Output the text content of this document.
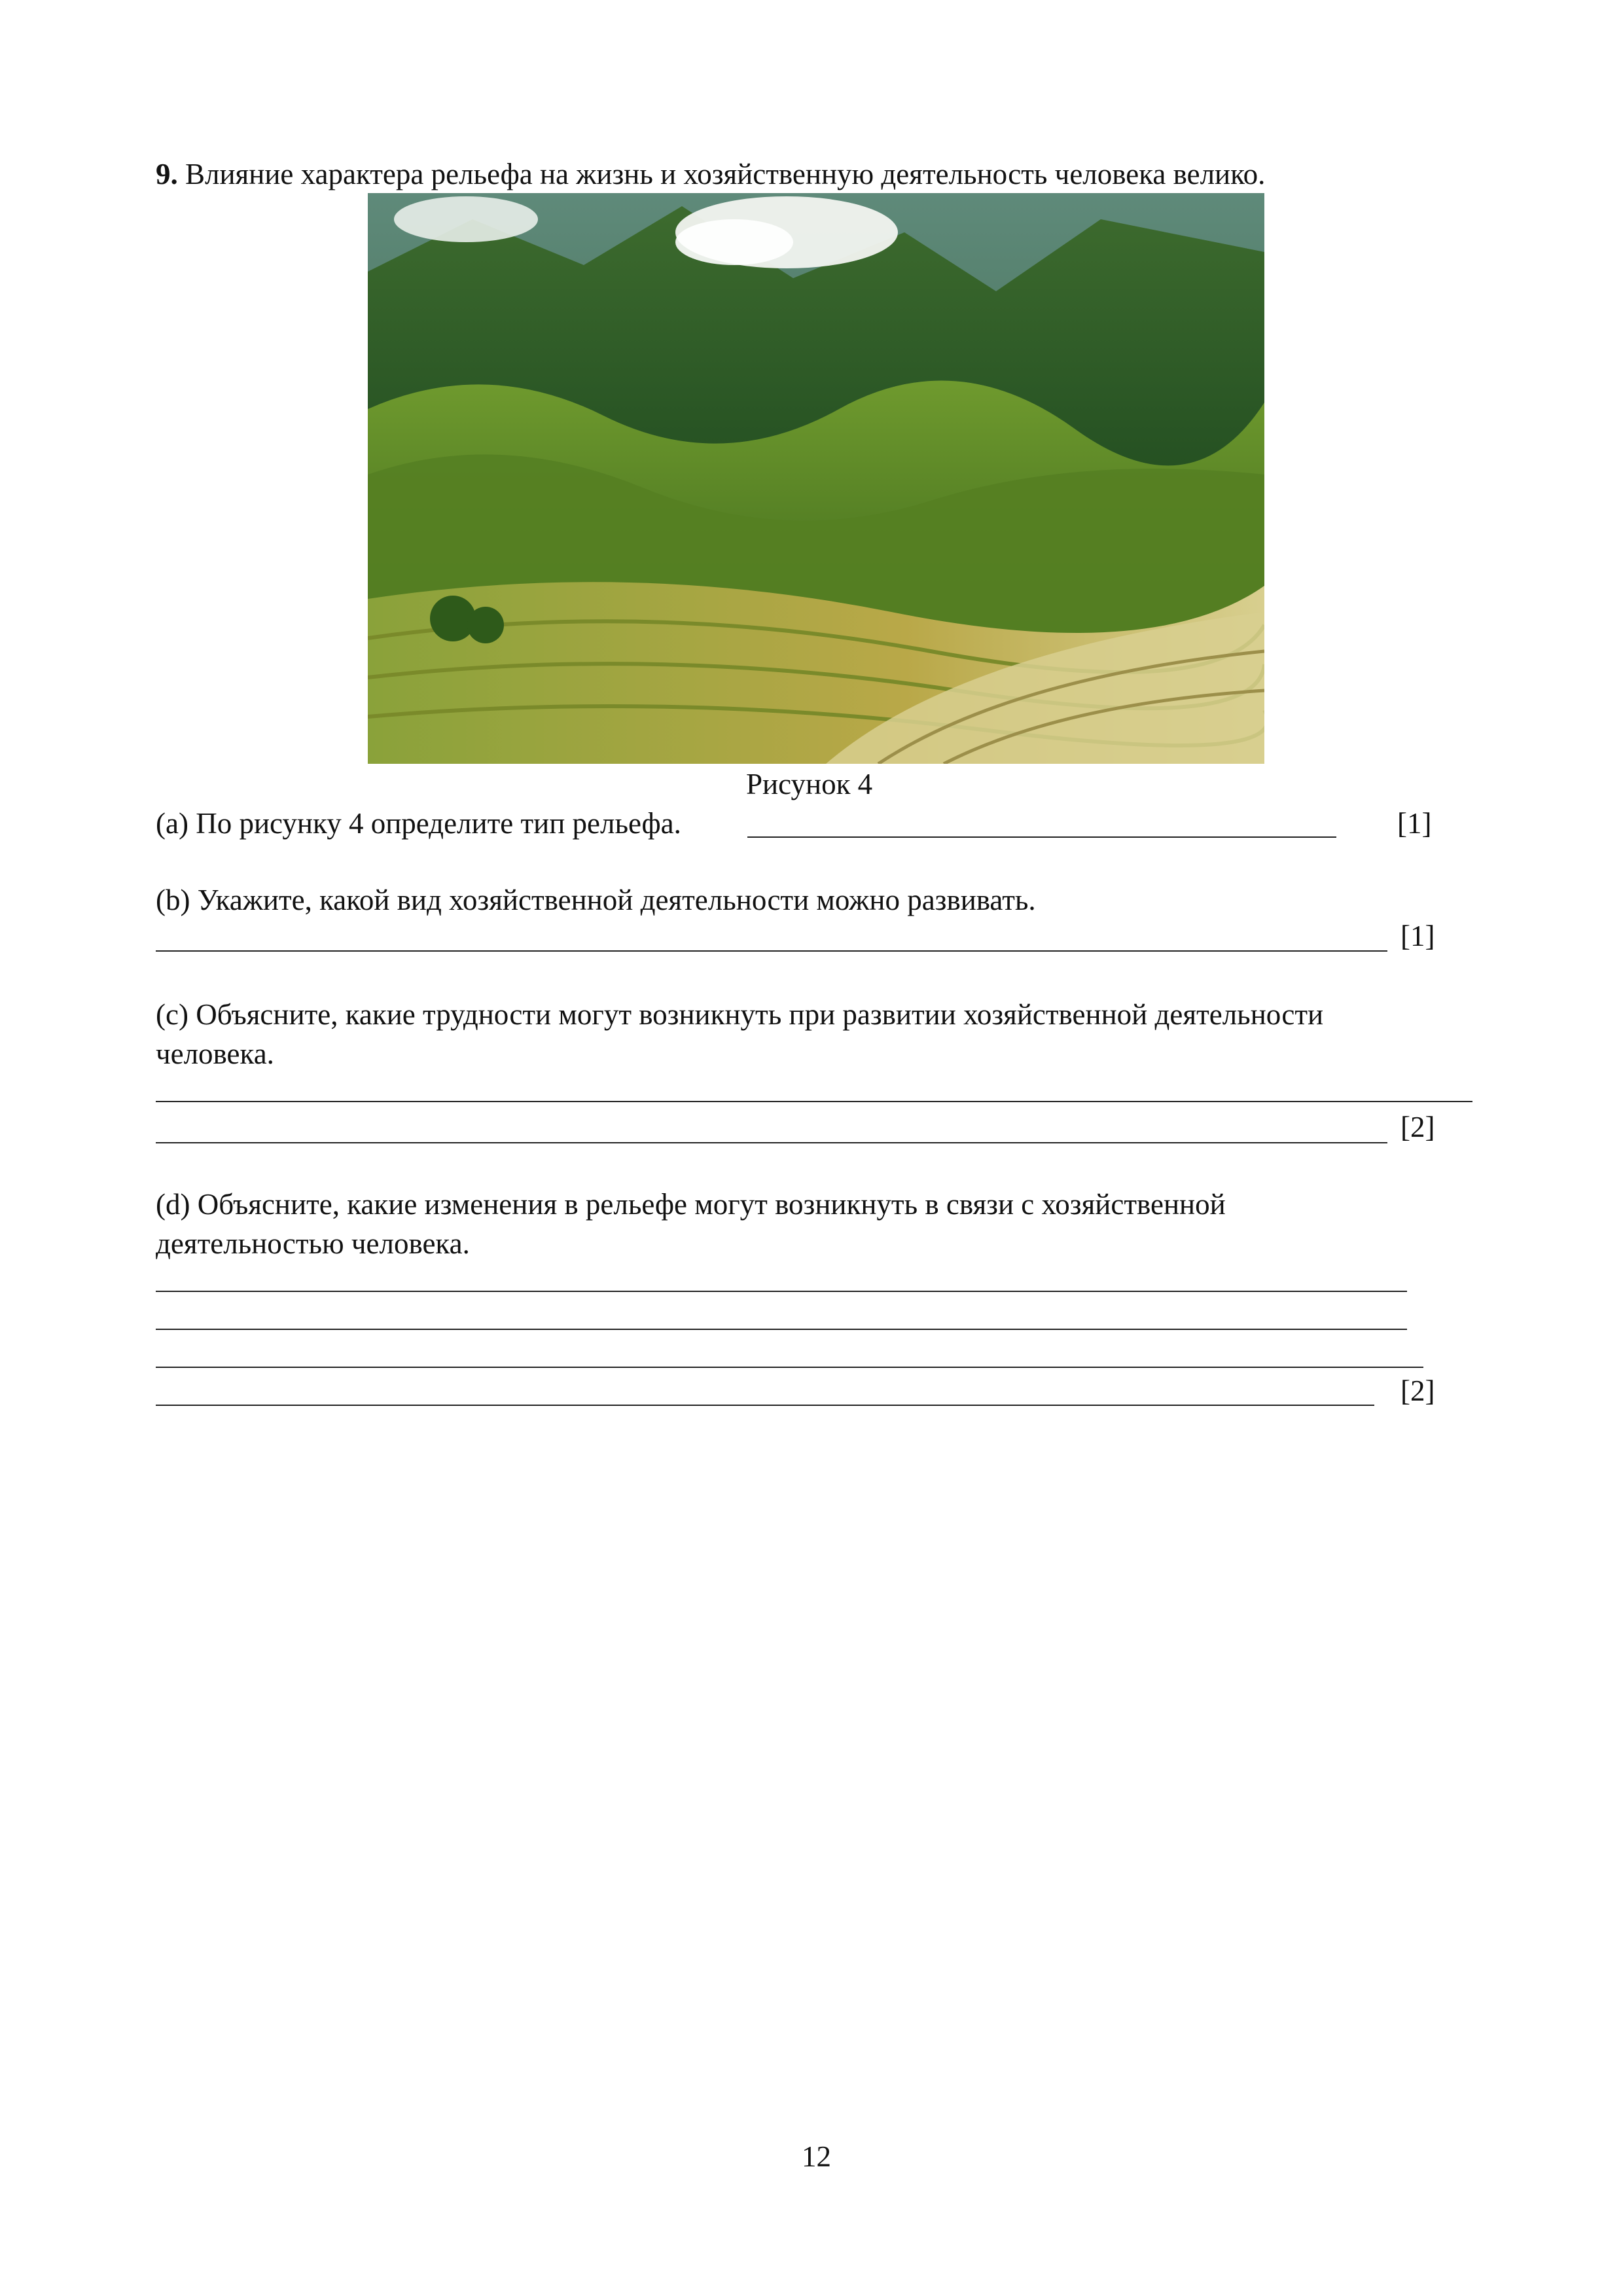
9. Влияние характера рельефа на жизнь и хозяйственную деятельность человека велико.

Рисунок 4

(a) По рисунку 4 определите тип рельефа.	[1]

(b) Укажите, какой вид хозяйственной деятельности можно развивать.

[1]

(c) Объясните, какие трудности могут возникнуть при развитии хозяйственной деятельности

человека.

[2]

(d) Объясните, какие изменения в рельефе могут возникнуть в связи с хозяйственной

деятельностью человека.

[2]

12
